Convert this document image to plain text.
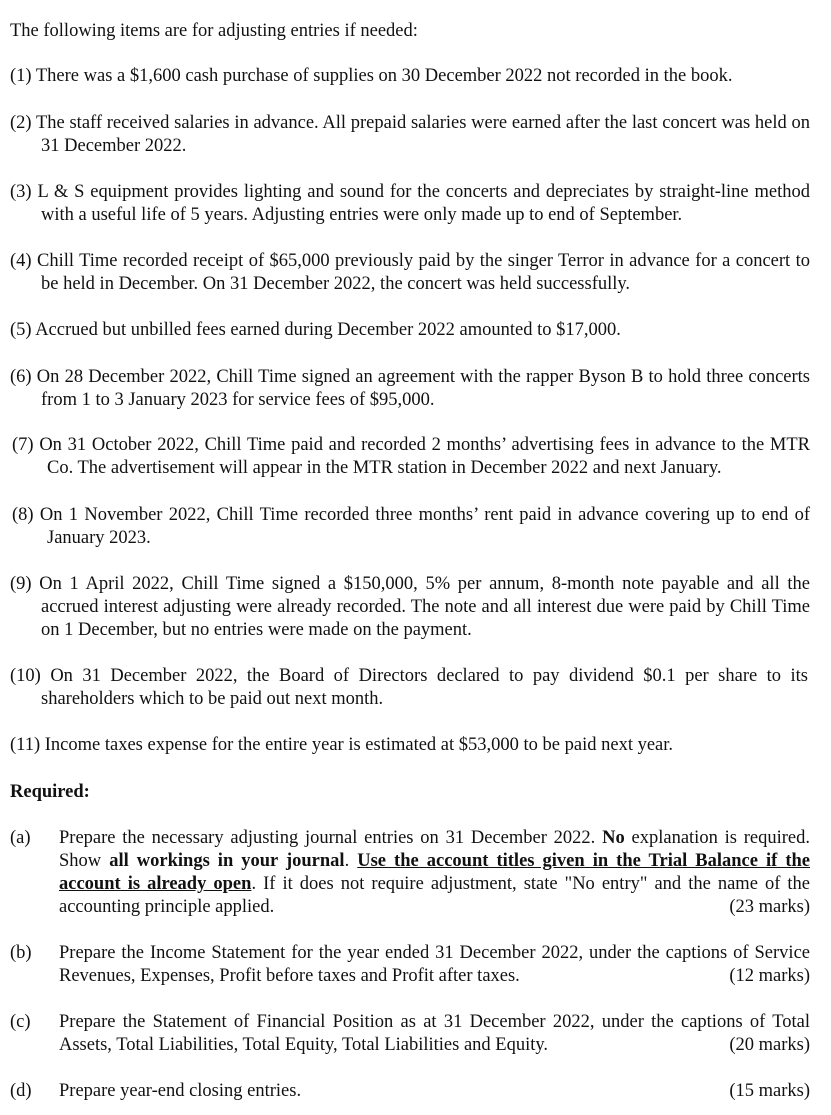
The following items are for adjusting entries if needed:

(1) There was a $1,600 cash purchase of supplies on 30 December 2022 not recorded in the book.
(2) The staff received salaries in advance. All prepaid salaries were earned after the last concert was held on 31 December 2022.
(3) L & S equipment provides lighting and sound for the concerts and depreciates by straight-line method with a useful life of 5 years. Adjusting entries were only made up to end of September.
(4) Chill Time recorded receipt of $65,000 previously paid by the singer Terror in advance for a concert to be held in December. On 31 December 2022, the concert was held successfully.
(5) Accrued but unbilled fees earned during December 2022 amounted to $17,000.
(6) On 28 December 2022, Chill Time signed an agreement with the rapper Byson B to hold three concerts from 1 to 3 January 2023 for service fees of $95,000.
(7) On 31 October 2022, Chill Time paid and recorded 2 months’ advertising fees in advance to the MTR Co. The advertisement will appear in the MTR station in December 2022 and next January.
(8) On 1 November 2022, Chill Time recorded three months’ rent paid in advance covering up to end of January 2023.
(9) On 1 April 2022, Chill Time signed a $150,000, 5% per annum, 8-month note payable and all the accrued interest adjusting were already recorded. The note and all interest due were paid by Chill Time on 1 December, but no entries were made on the payment.
(10) On 31 December 2022, the Board of Directors declared to pay dividend $0.1 per share to its shareholders which to be paid out next month.
(11) Income taxes expense for the entire year is estimated at $53,000 to be paid next year.
Required:
(a) Prepare the necessary adjusting journal entries on 31 December 2022. No explanation is required. Show all workings in your journal. Use the account titles given in the Trial Balance if the account is already open. If it does not require adjustment, state "No entry" and the name of the accounting principle applied.	(23 marks)
(b) Prepare the Income Statement for the year ended 31 December 2022, under the captions of Service Revenues, Expenses, Profit before taxes and Profit after taxes.	(12 marks)
(c) Prepare the Statement of Financial Position as at 31 December 2022, under the captions of Total Assets, Total Liabilities, Total Equity, Total Liabilities and Equity.	(20 marks)
(d) Prepare year-end closing entries.	(15 marks)
